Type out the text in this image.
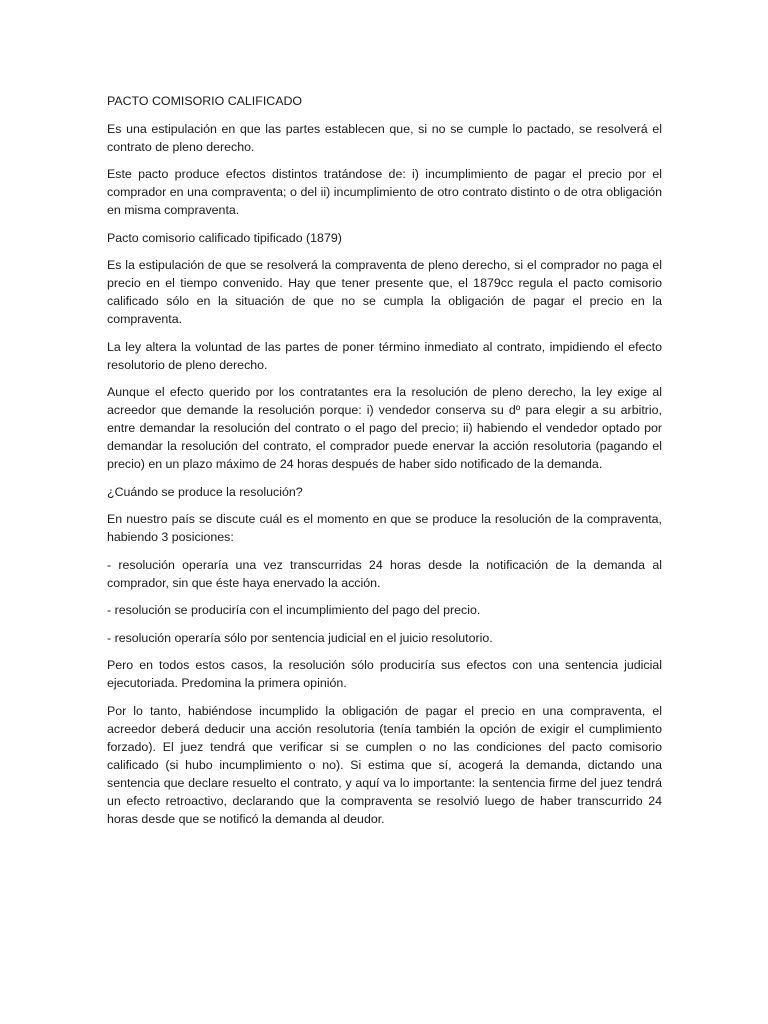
PACTO COMISORIO CALIFICADO

Es una estipulación en que las partes establecen que, si no se cumple lo pactado, se resolverá el contrato de pleno derecho.

Este pacto produce efectos distintos tratándose de: i) incumplimiento de pagar el precio por el comprador en una compraventa; o del ii) incumplimiento de otro contrato distinto o de otra obligación en misma compraventa.

Pacto comisorio calificado tipificado (1879)

Es la estipulación de que se resolverá la compraventa de pleno derecho, si el comprador no paga el precio en el tiempo convenido. Hay que tener presente que, el 1879cc regula el pacto comisorio calificado sólo en la situación de que no se cumpla la obligación de pagar el precio en la compraventa.

La ley altera la voluntad de las partes de poner término inmediato al contrato, impidiendo el efecto resolutorio de pleno derecho.

Aunque el efecto querido por los contratantes era la resolución de pleno derecho, la ley exige al acreedor que demande la resolución porque: i) vendedor conserva su dº para elegir a su arbitrio, entre demandar la resolución del contrato o el pago del precio; ii) habiendo el vendedor optado por demandar la resolución del contrato, el comprador puede enervar la acción resolutoria (pagando el precio) en un plazo máximo de 24 horas después de haber sido notificado de la demanda.

¿Cuándo se produce la resolución?

En nuestro país se discute cuál es el momento en que se produce la resolución de la compraventa, habiendo 3 posiciones:

- resolución operaría una vez transcurridas 24 horas desde la notificación de la demanda al comprador, sin que éste haya enervado la acción.

- resolución se produciría con el incumplimiento del pago del precio.

- resolución operaría sólo por sentencia judicial en el juicio resolutorio.

Pero en todos estos casos, la resolución sólo produciría sus efectos con una sentencia judicial ejecutoriada. Predomina la primera opinión.

Por lo tanto, habiéndose incumplido la obligación de pagar el precio en una compraventa, el acreedor deberá deducir una acción resolutoria (tenía también la opción de exigir el cumplimiento forzado). El juez tendrá que verificar si se cumplen o no las condiciones del pacto comisorio calificado (si hubo incumplimiento o no). Si estima que sí, acogerá la demanda, dictando una sentencia que declare resuelto el contrato, y aquí va lo importante: la sentencia firme del juez tendrá un efecto retroactivo, declarando que la compraventa se resolvió luego de haber transcurrido 24 horas desde que se notificó la demanda al deudor.
